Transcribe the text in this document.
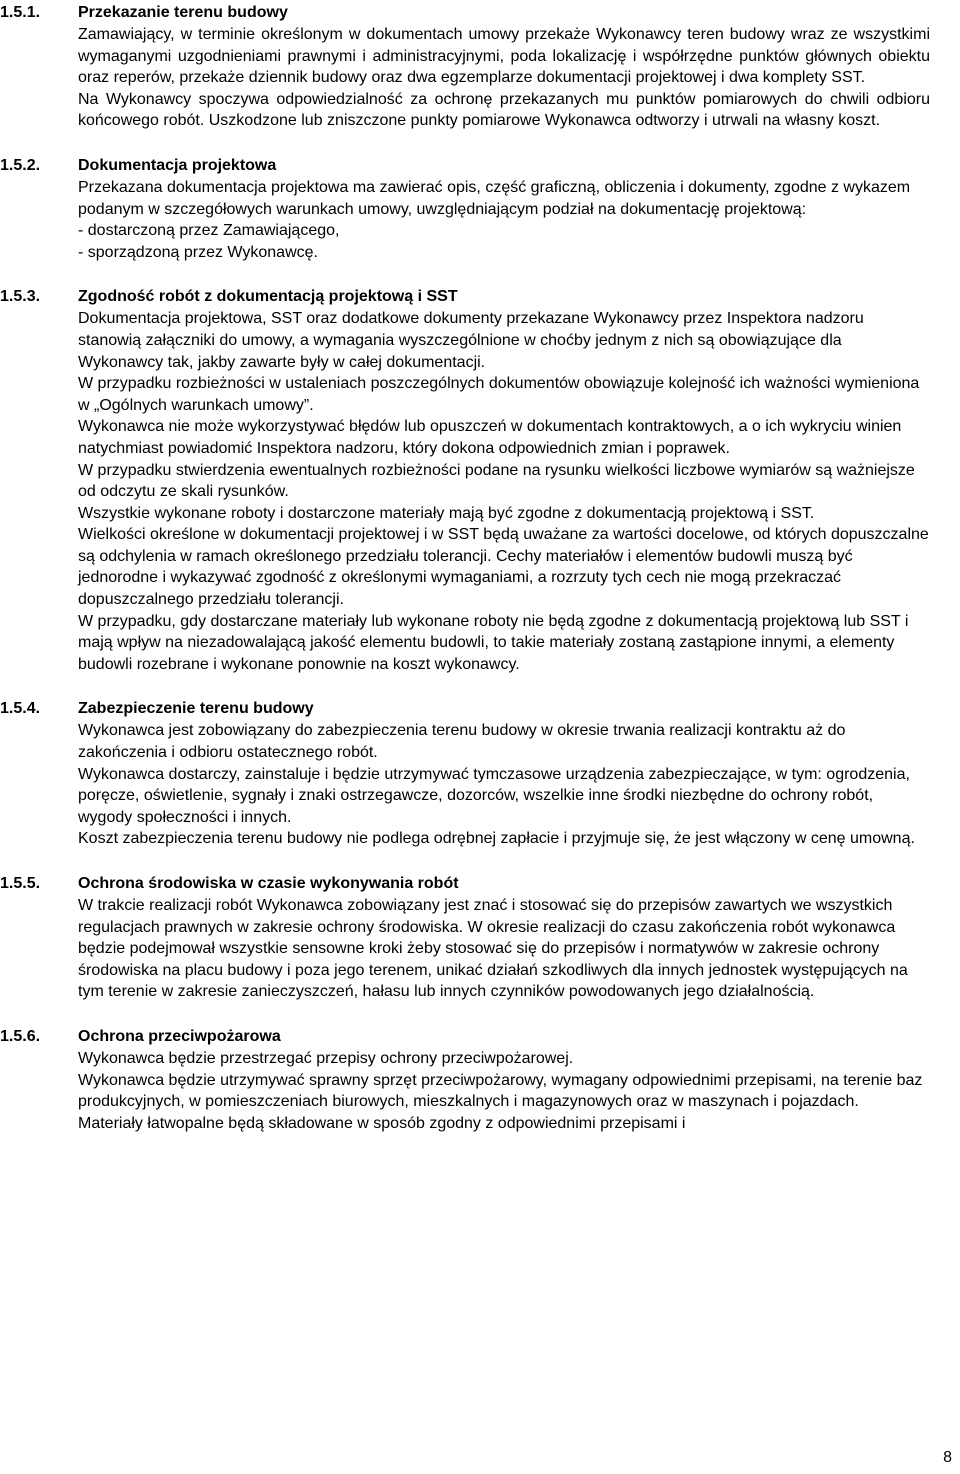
1.5.1. Przekazanie terenu budowy

Zamawiający, w terminie określonym w dokumentach umowy przekaże Wykonawcy teren budowy wraz ze wszystkimi wymaganymi uzgodnieniami prawnymi i administracyjnymi, poda lokalizację i współrzędne punktów głównych obiektu oraz reperów, przekaże dziennik budowy oraz dwa egzemplarze dokumentacji projektowej i dwa komplety SST.

Na Wykonawcy spoczywa odpowiedzialność za ochronę przekazanych mu punktów pomiarowych do chwili odbioru końcowego robót. Uszkodzone lub zniszczone punkty pomiarowe Wykonawca odtworzy i utrwali na własny koszt.

1.5.2. Dokumentacja projektowa

Przekazana dokumentacja projektowa ma zawierać opis, część graficzną, obliczenia i dokumenty, zgodne z wykazem podanym w szczegółowych warunkach umowy, uwzględniającym podział na dokumentację projektową:

- dostarczoną przez Zamawiającego,

- sporządzoną przez Wykonawcę.

1.5.3. Zgodność robót z dokumentacją projektową i SST

Dokumentacja projektowa, SST oraz dodatkowe dokumenty przekazane Wykonawcy przez Inspektora nadzoru stanowią załączniki do umowy, a wymagania wyszczególnione w choćby jednym z nich są obowiązujące dla Wykonawcy tak, jakby zawarte były w całej dokumentacji.

W przypadku rozbieżności w ustaleniach poszczególnych dokumentów obowiązuje kolejność ich ważności wymieniona w „Ogólnych warunkach umowy”.

Wykonawca nie może wykorzystywać błędów lub opuszczeń w dokumentach kontraktowych, a o ich wykryciu winien natychmiast powiadomić Inspektora nadzoru, który dokona odpowiednich zmian i poprawek.

W przypadku stwierdzenia ewentualnych rozbieżności podane na rysunku wielkości liczbowe wymiarów są ważniejsze od odczytu ze skali rysunków.

Wszystkie wykonane roboty i dostarczone materiały mają być zgodne z dokumentacją projektową i SST.

Wielkości określone w dokumentacji projektowej i w SST będą uważane za wartości docelowe, od których dopuszczalne są odchylenia w ramach określonego przedziału tolerancji. Cechy materiałów i elementów budowli muszą być jednorodne i wykazywać zgodność z określonymi wymaganiami, a rozrzuty tych cech nie mogą przekraczać dopuszczalnego przedziału tolerancji.

W przypadku, gdy dostarczane materiały lub wykonane roboty nie będą zgodne z dokumentacją projektową lub SST i mają wpływ na niezadowalającą jakość elementu budowli, to takie materiały zostaną zastąpione innymi, a elementy budowli rozebrane i wykonane ponownie na koszt wykonawcy.

1.5.4. Zabezpieczenie terenu budowy

Wykonawca jest zobowiązany do zabezpieczenia terenu budowy w okresie trwania realizacji kontraktu aż do zakończenia i odbioru ostatecznego robót.

Wykonawca dostarczy, zainstaluje i będzie utrzymywać tymczasowe urządzenia zabezpieczające, w tym: ogrodzenia, poręcze, oświetlenie, sygnały i znaki ostrzegawcze, dozorców, wszelkie inne środki niezbędne do ochrony robót, wygody społeczności i innych.

Koszt zabezpieczenia terenu budowy nie podlega odrębnej zapłacie i przyjmuje się, że jest włączony w cenę umowną.

1.5.5. Ochrona środowiska w czasie wykonywania robót

W trakcie realizacji robót Wykonawca zobowiązany jest znać i stosować się do przepisów zawartych we wszystkich regulacjach prawnych w zakresie ochrony środowiska. W okresie realizacji do czasu zakończenia robót wykonawca będzie podejmował wszystkie sensowne kroki żeby stosować się do przepisów i normatywów w zakresie ochrony środowiska na placu budowy i poza jego terenem, unikać działań szkodliwych dla innych jednostek występujących na tym terenie w zakresie zanieczyszczeń, hałasu lub innych czynników powodowanych jego działalnością.

1.5.6. Ochrona przeciwpożarowa

Wykonawca będzie przestrzegać przepisy ochrony przeciwpożarowej.

Wykonawca będzie utrzymywać sprawny sprzęt przeciwpożarowy, wymagany odpowiednimi przepisami, na terenie baz produkcyjnych, w pomieszczeniach biurowych, mieszkalnych i magazynowych oraz w maszynach i pojazdach.

Materiały łatwopalne będą składowane w sposób zgodny z odpowiednimi przepisami i

8
